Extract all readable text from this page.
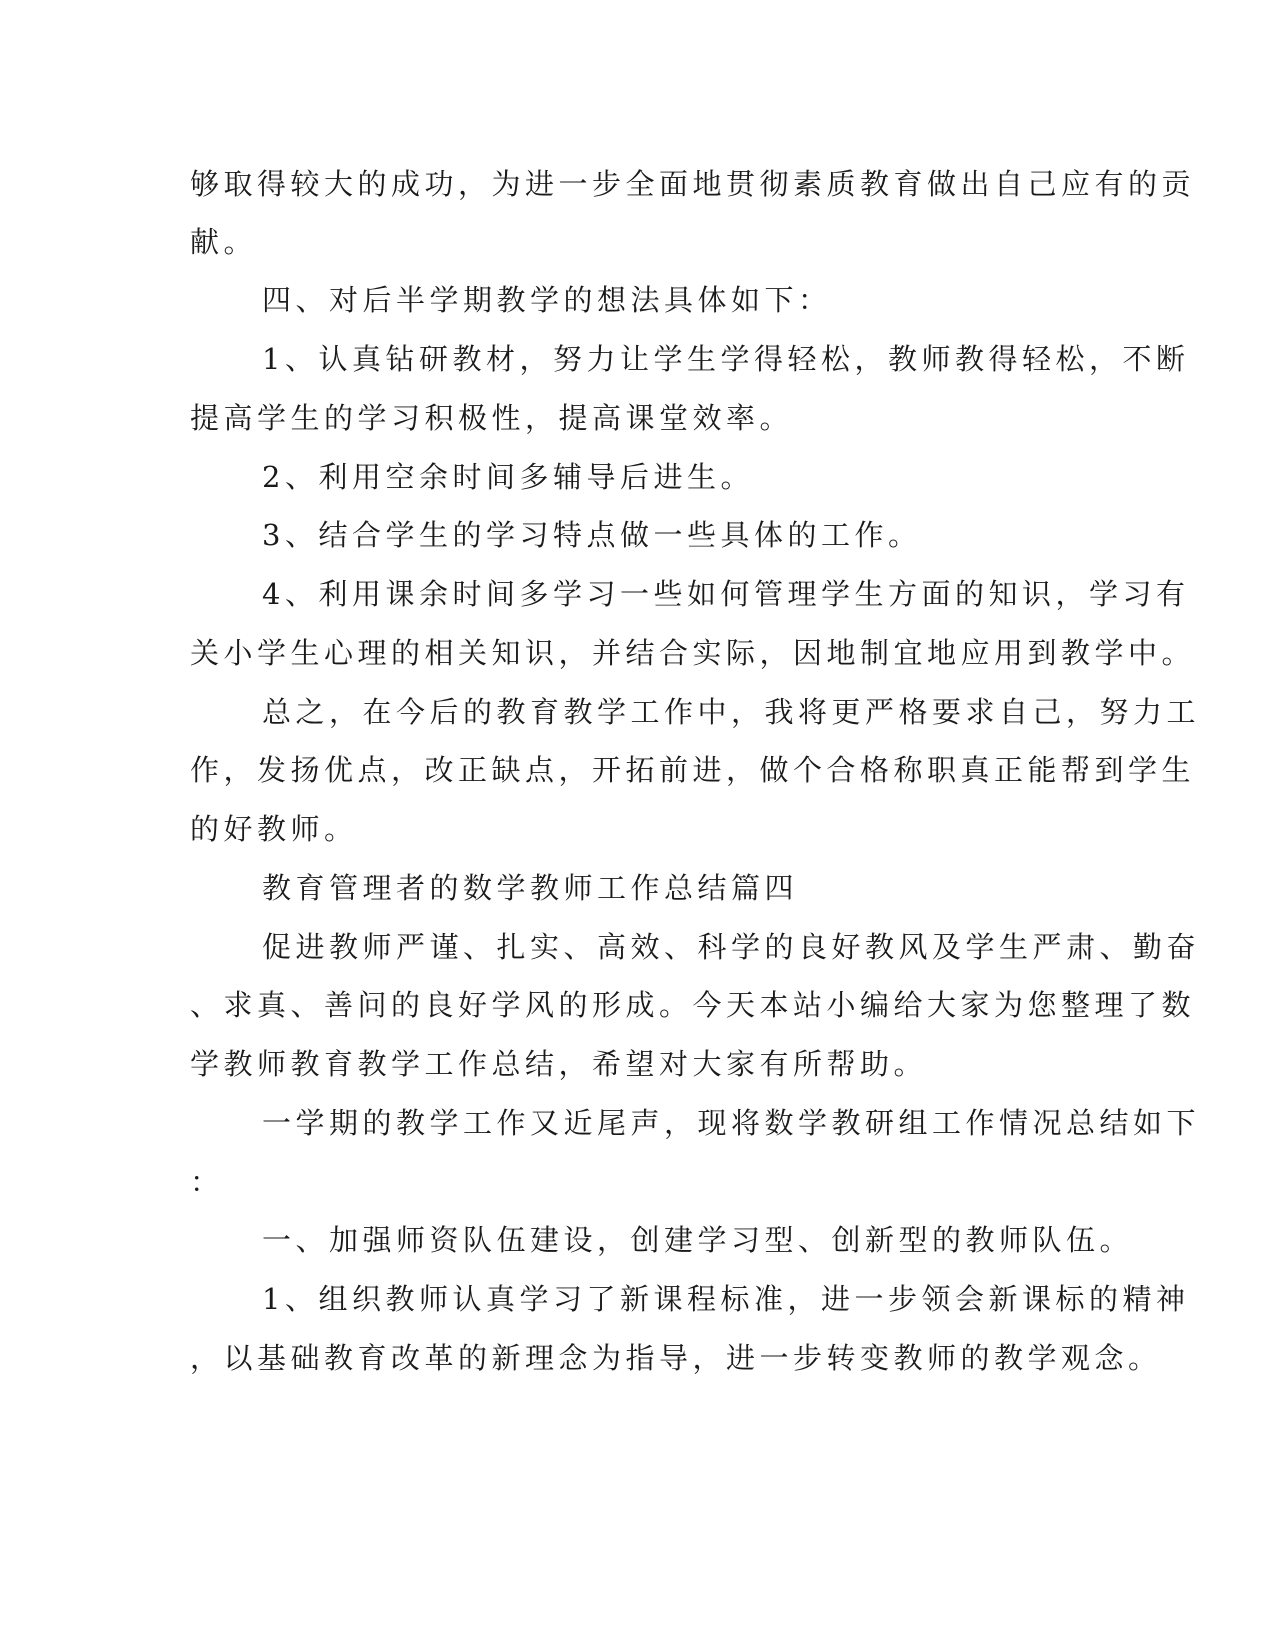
够取得较大的成功，为进一步全面地贯彻素质教育做出自己应有的贡
献。
四、对后半学期教学的想法具体如下：
1、认真钻研教材，努力让学生学得轻松，教师教得轻松，不断
提高学生的学习积极性，提高课堂效率。
2、利用空余时间多辅导后进生。
3、结合学生的学习特点做一些具体的工作。
4、利用课余时间多学习一些如何管理学生方面的知识，学习有
关小学生心理的相关知识，并结合实际，因地制宜地应用到教学中。
总之，在今后的教育教学工作中，我将更严格要求自己，努力工
作，发扬优点，改正缺点，开拓前进，做个合格称职真正能帮到学生
的好教师。
教育管理者的数学教师工作总结篇四
促进教师严谨、扎实、高效、科学的良好教风及学生严肃、勤奋
、求真、善问的良好学风的形成。今天本站小编给大家为您整理了数
学教师教育教学工作总结，希望对大家有所帮助。
一学期的教学工作又近尾声，现将数学教研组工作情况总结如下
：
一、加强师资队伍建设，创建学习型、创新型的教师队伍。
1、组织教师认真学习了新课程标准，进一步领会新课标的精神
，以基础教育改革的新理念为指导，进一步转变教师的教学观念。
